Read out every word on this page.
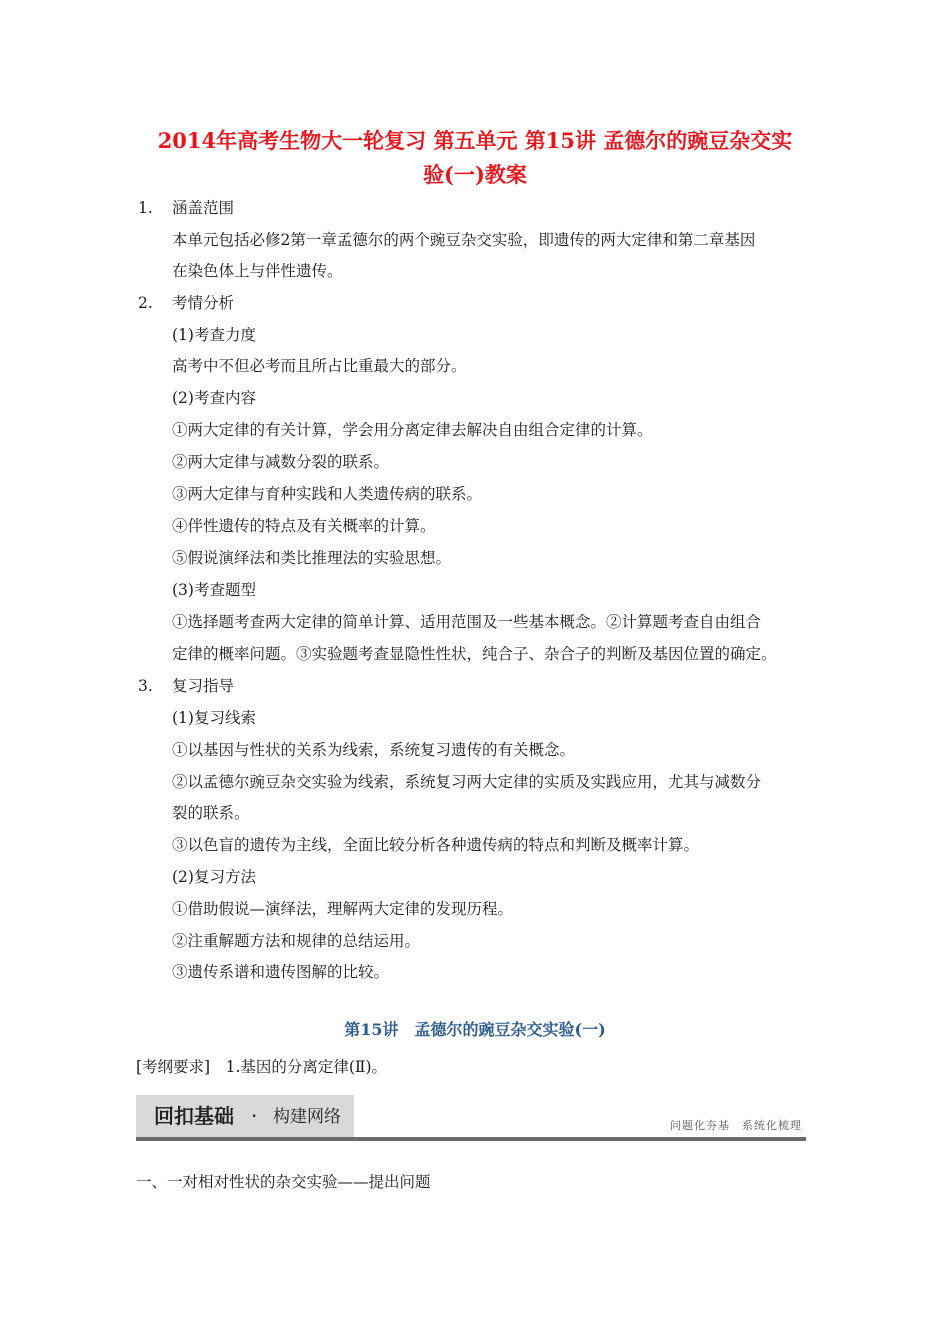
2014年高考生物大一轮复习 第五单元 第15讲 孟德尔的豌豆杂交实
验(一)教案
1. 涵盖范围
本单元包括必修2第一章孟德尔的两个豌豆杂交实验，即遗传的两大定律和第二章基因
在染色体上与伴性遗传。
2. 考情分析
(1)考查力度
高考中不但必考而且所占比重最大的部分。
(2)考查内容
①两大定律的有关计算，学会用分离定律去解决自由组合定律的计算。
②两大定律与减数分裂的联系。
③两大定律与育种实践和人类遗传病的联系。
④伴性遗传的特点及有关概率的计算。
⑤假说演绎法和类比推理法的实验思想。
(3)考查题型
①选择题考查两大定律的简单计算、适用范围及一些基本概念。②计算题考查自由组合
定律的概率问题。③实验题考查显隐性性状，纯合子、杂合子的判断及基因位置的确定。
3. 复习指导
(1)复习线索
①以基因与性状的关系为线索，系统复习遗传的有关概念。
②以孟德尔豌豆杂交实验为线索，系统复习两大定律的实质及实践应用，尤其与减数分
裂的联系。
③以色盲的遗传为主线，全面比较分析各种遗传病的特点和判断及概率计算。
(2)复习方法
①借助假说—演绎法，理解两大定律的发现历程。
②注重解题方法和规律的总结运用。
③遗传系谱和遗传图解的比较。
第15讲　孟德尔的豌豆杂交实验(一)
[考纲要求]　1.基因的分离定律(Ⅱ)。
回扣基础 · 构建网络	问题化夯基　系统化梳理
一、一对相对性状的杂交实验——提出问题
